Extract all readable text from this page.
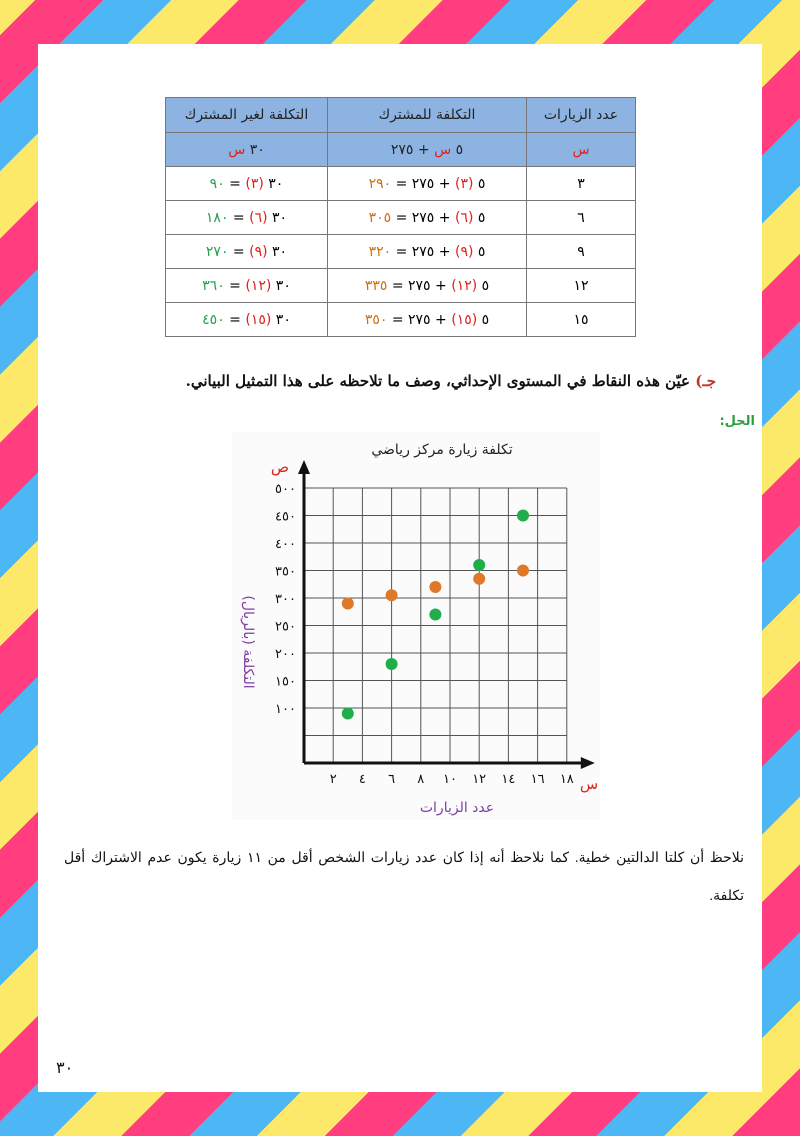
عدد الزيارات	التكلفة للمشترك	التكلفة لغير المشترك
س	٥ س + ٢٧٥	٣٠ س
٣	٥ (٣) + ٢٧٥ = ٢٩٠	٣٠ (٣) = ٩٠
٦	٥ (٦) + ٢٧٥ = ٣٠٥	٣٠ (٦) = ١٨٠
٩	٥ (٩) + ٢٧٥ = ٣٢٠	٣٠ (٩) = ٢٧٠
١٢	٥ (١٢) + ٢٧٥ = ٣٣٥	٣٠ (١٢) = ٣٦٠
١٥	٥ (١٥) + ٢٧٥ = ٣٥٠	٣٠ (١٥) = ٤٥٠
جـ) عيّن هذه النقاط في المستوى الإحداثي، وصف ما تلاحظه على هذا التمثيل البياني.
الحل:
تكلفة زيارة مركز رياضي
س
ص
عدد الزيارات
التكلفة (بالريال)
٢ ٤ ٦ ٨ ١٠ ١٢ ١٤ ١٦ ١٨
١٠٠
١٥٠
٢٠٠
٢٥٠
٣٠٠
٣٥٠
٤٠٠
٤٥٠
٥٠٠
نلاحظ أن كلتا الدالتين خطية. كما نلاحظ أنه إذا كان عدد زيارات الشخص أقل من ١١ زيارة يكون عدم الاشتراك أقل تكلفة.
٣٠
